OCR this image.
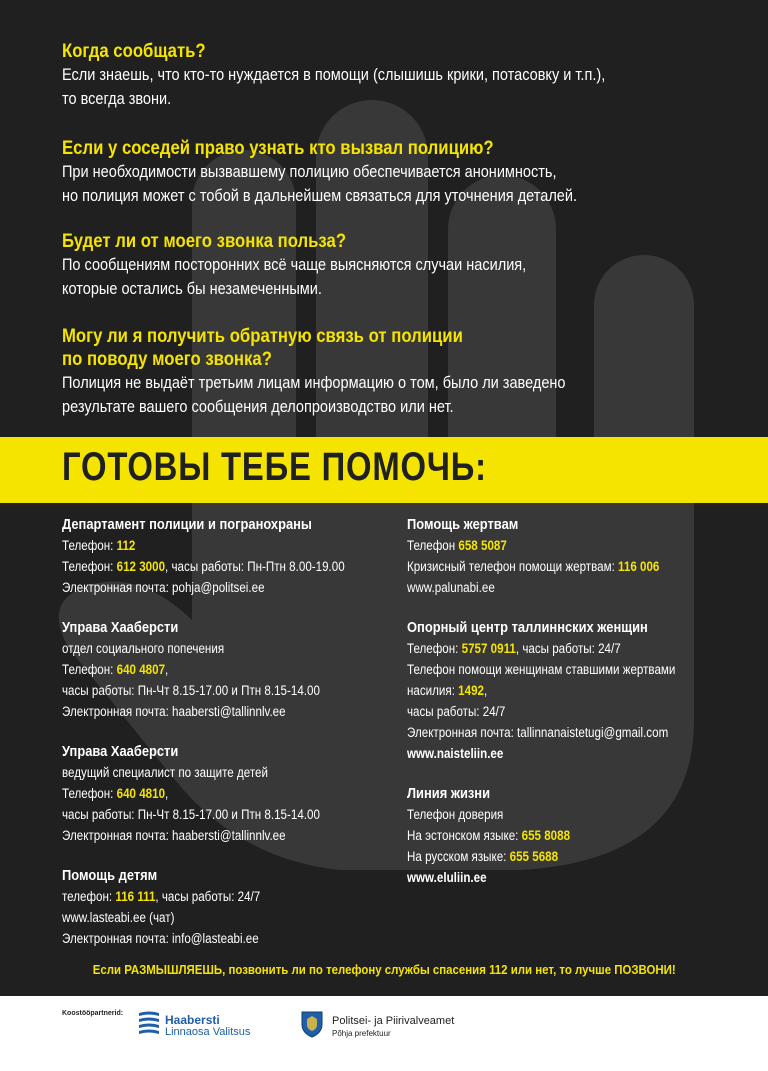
Когда сообщать?
Если знаешь, что кто-то нуждается в помощи (слышишь крики, потасовку и т.п.),
то всегда звони.
Если у соседей право узнать кто вызвал полицию?
При необходимости вызвавшему полицию обеспечивается анонимность,
но полиция может с тобой в дальнейшем связаться для уточнения деталей.
Будет ли от моего звонка польза?
По сообщениям посторонних всё чаще выясняются случаи насилия,
которые остались бы незамеченными.
Могу ли я получить обратную связь от полиции
по поводу моего звонка?
Полиция не выдаёт третьим лицам информацию о том, было ли заведено
результате вашего сообщения делопроизводство или нет.
ГОТОВЫ ТЕБЕ ПОМОЧЬ:
Департамент полиции и погранохраны
Телефон: 112
Телефон: 612 3000, часы работы: Пн-Птн 8.00-19.00
Электронная почта: pohja@politsei.ee
Управа Хааберсти
отдел социального попечения
Телефон: 640 4807,
часы работы: Пн-Чт 8.15-17.00 и Птн 8.15-14.00
Электронная почта: haabersti@tallinnlv.ee
Управа Хааберсти
ведущий специалист по защите детей
Телефон: 640 4810,
часы работы: Пн-Чт 8.15-17.00 и Птн 8.15-14.00
Электронная почта: haabersti@tallinnlv.ee
Помощь детям
телефон: 116 111, часы работы: 24/7
www.lasteabi.ee (чат)
Электронная почта: info@lasteabi.ee
Помощь жертвам
Телефон 658 5087
Кризисный телефон помощи жертвам: 116 006
www.palunabi.ee
Опорный центр таллиннских женщин
Телефон: 5757 0911, часы работы: 24/7
Телефон помощи женщинам ставшими жертвами
насилия: 1492,
часы работы: 24/7
Электронная почта: tallinnanaistetugi@gmail.com
www.naisteliin.ee
Линия жизни
Телефон доверия
На эстонском языке: 655 8088
На русском языке: 655 5688
www.eluliin.ee
Если РАЗМЫШЛЯЕШЬ, позвонить ли по телефону службы спасения 112 или нет, то лучше ПОЗВОНИ!
Koostööpartnerid:	Haabersti
Linnaosa Valitsus
Politsei- ja Piirivalveamet
Põhja prefektuur
